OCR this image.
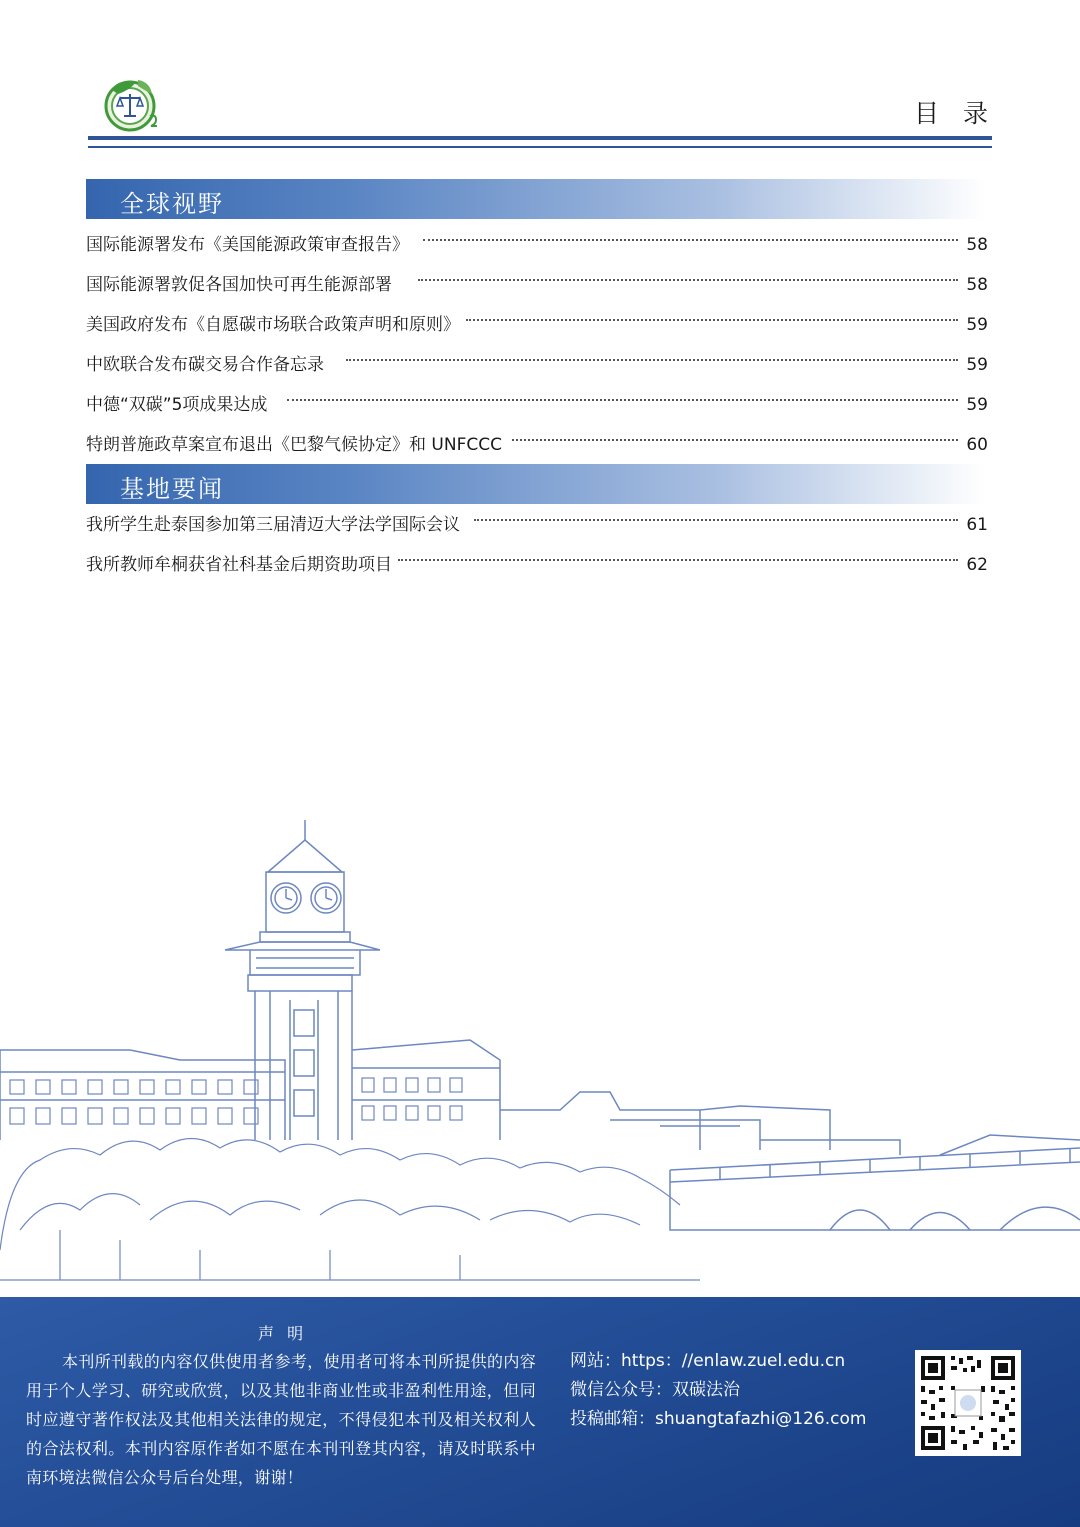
目 录
全球视野
国际能源署发布《美国能源政策审查报告》	58
国际能源署敦促各国加快可再生能源部署	58
美国政府发布《自愿碳市场联合政策声明和原则》	59
中欧联合发布碳交易合作备忘录	59
中德“双碳”5项成果达成	59
特朗普施政草案宣布退出《巴黎气候协定》和 UNFCCC	60
基地要闻
我所学生赴泰国参加第三届清迈大学法学国际会议	61
我所教师牟桐获省社科基金后期资助项目	62
声 明
本刊所刊载的内容仅供使用者参考，使用者可将本刊所提供的内容用于个人学习、研究或欣赏，以及其他非商业性或非盈利性用途，但同时应遵守著作权法及其他相关法律的规定，不得侵犯本刊及相关权利人的合法权利。本刊内容原作者如不愿在本刊刊登其内容，请及时联系中南环境法微信公众号后台处理，谢谢！
网站：https：//enlaw.zuel.edu.cn
微信公众号：双碳法治
投稿邮箱：shuangtafazhi@126.com
